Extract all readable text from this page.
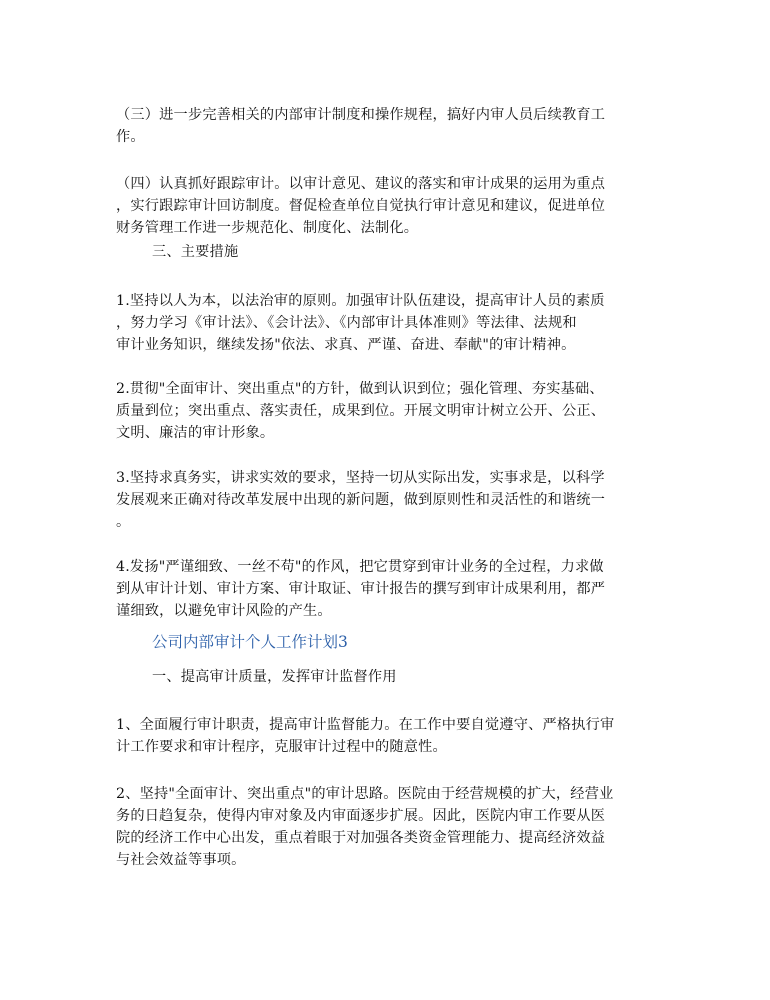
（三）进一步完善相关的内部审计制度和操作规程，搞好内审人员后续教育工
作。
（四）认真抓好跟踪审计。以审计意见、建议的落实和审计成果的运用为重点
，实行跟踪审计回访制度。督促检查单位自觉执行审计意见和建议，促进单位
财务管理工作进一步规范化、制度化、法制化。
三、主要措施
1.坚持以人为本，以法治审的原则。加强审计队伍建设，提高审计人员的素质
，努力学习《审计法》、《会计法》、《内部审计具体准则》等法律、法规和
审计业务知识，继续发扬"依法、求真、严谨、奋进、奉献"的审计精神。
2.贯彻"全面审计、突出重点"的方针，做到认识到位；强化管理、夯实基础、
质量到位；突出重点、落实责任，成果到位。开展文明审计树立公开、公正、
文明、廉洁的审计形象。
3.坚持求真务实，讲求实效的要求，坚持一切从实际出发，实事求是，以科学
发展观来正确对待改革发展中出现的新问题，做到原则性和灵活性的和谐统一
。
4.发扬"严谨细致、一丝不苟"的作风，把它贯穿到审计业务的全过程，力求做
到从审计计划、审计方案、审计取证、审计报告的撰写到审计成果利用，都严
谨细致，以避免审计风险的产生。
公司内部审计个人工作计划3
一、提高审计质量，发挥审计监督作用
1、全面履行审计职责，提高审计监督能力。在工作中要自觉遵守、严格执行审
计工作要求和审计程序，克服审计过程中的随意性。
2、坚持"全面审计、突出重点"的审计思路。医院由于经营规模的扩大，经营业
务的日趋复杂，使得内审对象及内审面逐步扩展。因此，医院内审工作要从医
院的经济工作中心出发，重点着眼于对加强各类资金管理能力、提高经济效益
与社会效益等事项。
